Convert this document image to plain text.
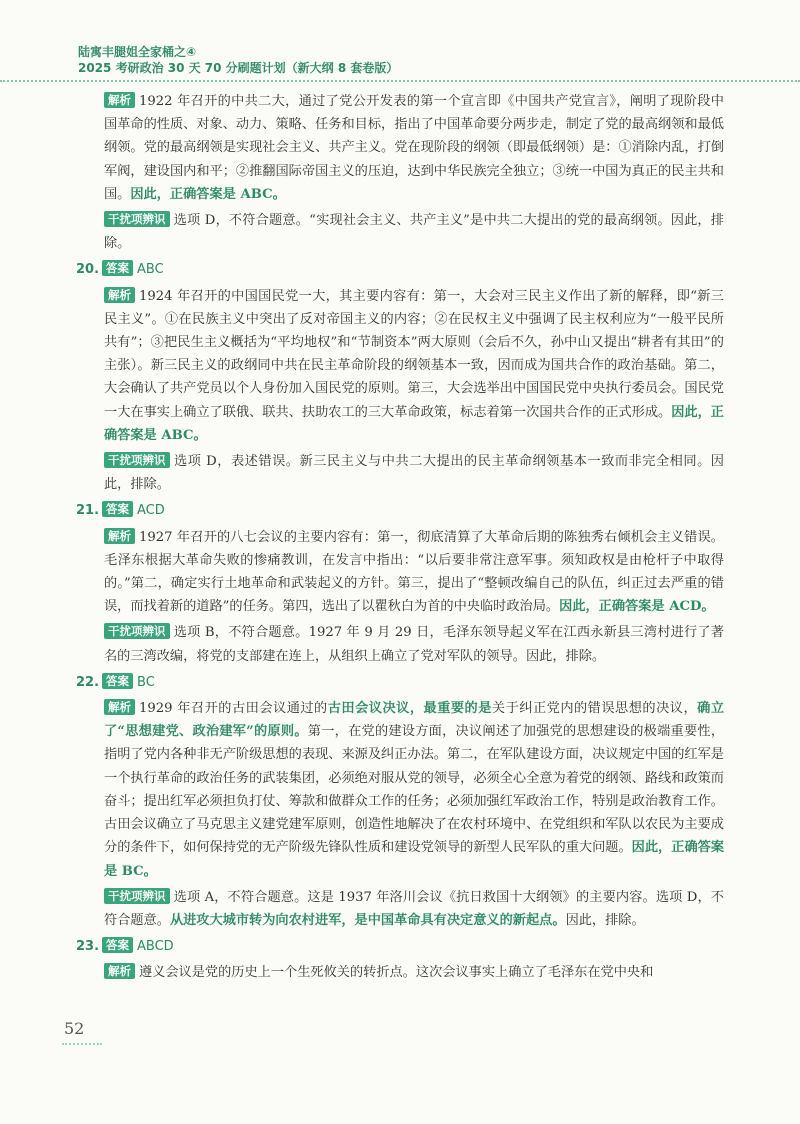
陆寓丰腿姐全家桶之④
2025 考研政治 30 天 70 分刷题计划（新大纲 8 套卷版）
解析 1922 年召开的中共二大，通过了党公开发表的第一个宣言即《中国共产党宣言》，阐明了现阶段中国革命的性质、对象、动力、策略、任务和目标，指出了中国革命要分两步走，制定了党的最高纲领和最低纲领。党的最高纲领是实现社会主义、共产主义。党在现阶段的纲领（即最低纲领）是：①消除内乱，打倒军阀，建设国内和平；②推翻国际帝国主义的压迫，达到中华民族完全独立；③统一中国为真正的民主共和国。因此，正确答案是 ABC。
干扰项辨识 选项 D，不符合题意。“实现社会主义、共产主义”是中共二大提出的党的最高纲领。因此，排除。
20. 答案 ABC
解析 1924 年召开的中国国民党一大，其主要内容有：第一，大会对三民主义作出了新的解释，即“新三民主义”。①在民族主义中突出了反对帝国主义的内容；②在民权主义中强调了民主权利应为“一般平民所共有”；③把民生主义概括为“平均地权”和“节制资本”两大原则（会后不久，孙中山又提出“耕者有其田”的主张）。新三民主义的政纲同中共在民主革命阶段的纲领基本一致，因而成为国共合作的政治基础。第二，大会确认了共产党员以个人身份加入国民党的原则。第三，大会选举出中国国民党中央执行委员会。国民党一大在事实上确立了联俄、联共、扶助农工的三大革命政策，标志着第一次国共合作的正式形成。因此，正确答案是 ABC。
干扰项辨识 选项 D，表述错误。新三民主义与中共二大提出的民主革命纲领基本一致而非完全相同。因此，排除。
21. 答案 ACD
解析 1927 年召开的八七会议的主要内容有：第一，彻底清算了大革命后期的陈独秀右倾机会主义错误。毛泽东根据大革命失败的惨痛教训，在发言中指出：“以后要非常注意军事。须知政权是由枪杆子中取得的。”第二，确定实行土地革命和武装起义的方针。第三，提出了“整顿改编自己的队伍，纠正过去严重的错误，而找着新的道路”的任务。第四，选出了以瞿秋白为首的中央临时政治局。因此，正确答案是 ACD。
干扰项辨识 选项 B，不符合题意。1927 年 9 月 29 日，毛泽东领导起义军在江西永新县三湾村进行了著名的三湾改编，将党的支部建在连上，从组织上确立了党对军队的领导。因此，排除。
22. 答案 BC
解析 1929 年召开的古田会议通过的古田会议决议，最重要的是关于纠正党内的错误思想的决议，确立了“思想建党、政治建军”的原则。第一，在党的建设方面，决议阐述了加强党的思想建设的极端重要性，指明了党内各种非无产阶级思想的表现、来源及纠正办法。第二，在军队建设方面，决议规定中国的红军是一个执行革命的政治任务的武装集团，必须绝对服从党的领导，必须全心全意为着党的纲领、路线和政策而奋斗；提出红军必须担负打仗、筹款和做群众工作的任务；必须加强红军政治工作，特别是政治教育工作。古田会议确立了马克思主义建党建军原则，创造性地解决了在农村环境中、在党组织和军队以农民为主要成分的条件下，如何保持党的无产阶级先锋队性质和建设党领导的新型人民军队的重大问题。因此，正确答案是 BC。
干扰项辨识 选项 A，不符合题意。这是 1937 年洛川会议《抗日救国十大纲领》的主要内容。选项 D，不符合题意。从进攻大城市转为向农村进军，是中国革命具有决定意义的新起点。因此，排除。
23. 答案 ABCD
解析 遵义会议是党的历史上一个生死攸关的转折点。这次会议事实上确立了毛泽东在党中央和
52
